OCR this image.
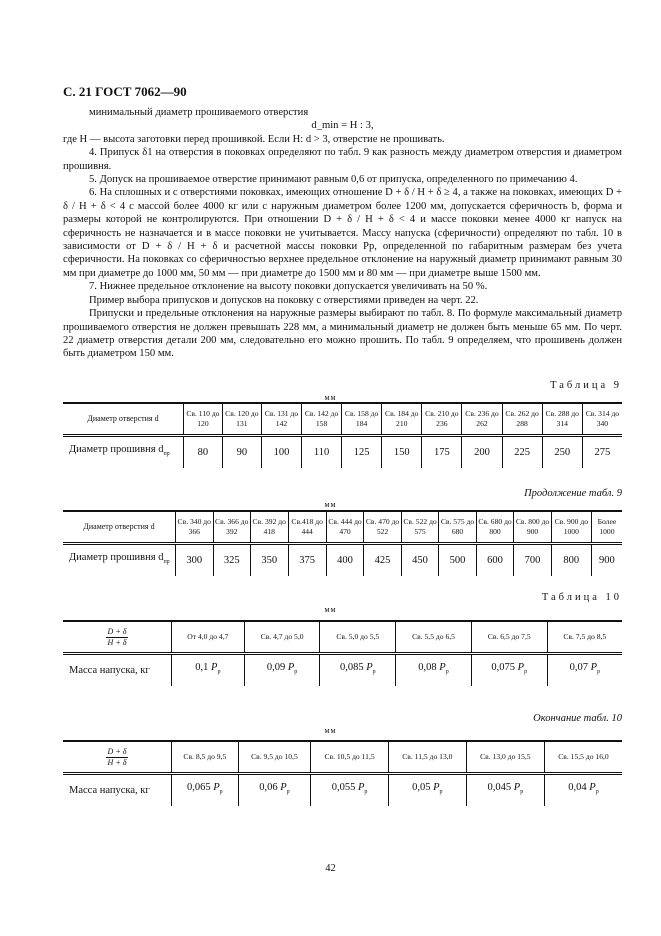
С. 21 ГОСТ 7062—90

минимальный диаметр прошиваемого отверстия

d_min = H : 3,

где H — высота заготовки перед прошивкой. Если H: d > 3, отверстие не прошивать.

4. Припуск δ1 на отверстия в поковках определяют по табл. 9 как разность между диаметром отверстия и диаметром прошивня.

5. Допуск на прошиваемое отверстие принимают равным 0,6 от припуска, определенного по примечанию 4.

6. На сплошных и с отверстиями поковках, имеющих отношение D + δ / H + δ ≥ 4, а также на поковках, имеющих D + δ / H + δ < 4 с массой более 4000 кг или с наружным диаметром более 1200 мм, допускается сферичность b, форма и размеры которой не контролируются. При отношении D + δ / H + δ < 4 и массе поковки менее 4000 кг напуск на сферичность не назначается и в массе поковки не учитывается. Массу напуска (сферичности) определяют по табл. 10 в зависимости от D + δ / H + δ и расчетной массы поковки Pр, определенной по габаритным размерам без учета сферичности. На поковках со сферичностью верхнее предельное отклонение на наружный диаметр принимают равным 30 мм при диаметре до 1000 мм, 50 мм — при диаметре до 1500 мм и 80 мм — при диаметре выше 1500 мм.

7. Нижнее предельное отклонение на высоту поковки допускается увеличивать на 50 %.

Пример выбора припусков и допусков на поковку с отверстиями приведен на черт. 22.

Припуски и предельные отклонения на наружные размеры выбирают по табл. 8. По формуле максимальный диаметр прошиваемого отверстия не должен превышать 228 мм, а минимальный диаметр не должен быть меньше 65 мм. По черт. 22 диаметр отверстия детали 200 мм, следовательно его можно прошить. По табл. 9 определяем, что прошивень должен быть диаметром 150 мм.

Таблица 9
мм
Диаметр отверстия d	Св. 110 до 120	Св. 120 до 131	Св. 131 до 142	Св. 142 до 158	Св. 158 до 184	Св. 184 до 210	Св. 210 до 236	Св. 236 до 262	Св. 262 до 288	Св. 288 до 314	Св. 314 до 340
Диаметр прошивня $d_{пр}$	80	90	100	110	125	150	175	200	225	250	275
Продолжение табл. 9
мм
Диаметр отверстия d	Св. 340 до 366	Св. 366 до 392	Св. 392 до 418	Св.418 до 444	Св. 444 до 470	Св. 470 до 522	Св. 522 до 575	Св. 575 до 680	Св. 680 до 800	Св. 800 до 900	Св. 900 до 1000	Более 1000
Диаметр прошивня $d_{пр}$	300	325	350	375	400	425	450	500	600	700	800	900
Таблица 10
мм
$\frac{D + \delta}{H + \delta}$	От 4,0 до 4,7	Св. 4,7 до 5,0	Св. 5,0 до 5,5	Св. 5,5 до 6,5	Св. 6,5 до 7,5	Св. 7,5 до 8,5
Масса напуска, кг	0,1 $P_р$	0,09 $P_р$	0,085 $P_р$	0,08 $P_р$	0,075 $P_р$	0,07 $P_р$
Окончание табл. 10
мм
$\frac{D + \delta}{H + \delta}$	Св. 8,5 до 9,5	Св. 9,5 до 10,5	Св. 10,5 до 11,5	Св. 11,5 до 13,0	Св. 13,0 до 15,5	Св. 15,5 до 16,0
Масса напуска, кг	0,065 $P_р$	0,06 $P_р$	0,055 $P_р$	0,05 $P_р$	0,045 $P_р$	0,04 $P_р$
42
